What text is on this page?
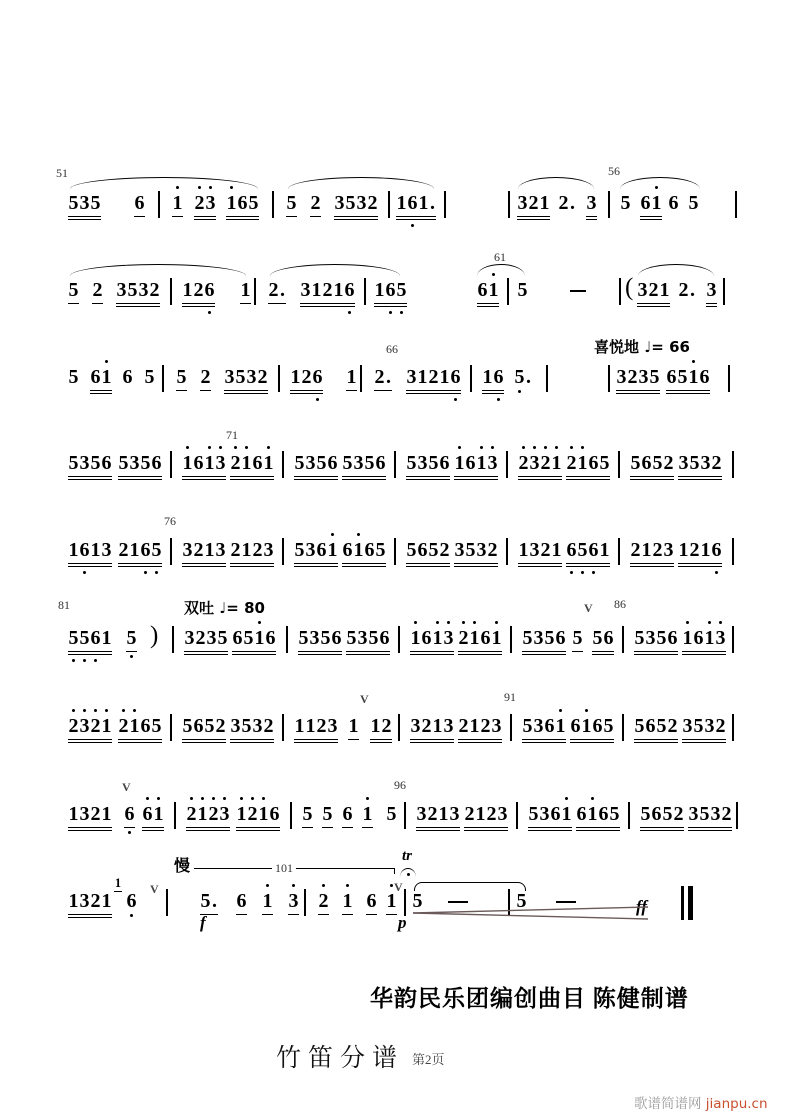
5 3 5 6 1 2 3 1 6 5 5 2 3 5 3 2 1 6 1 .	3 2 1 2 . 3 5 6 1 6 5
5 2 3 5 3 2 1 2 6 1 2 . 3 1 2 1 6 1 6 5	6 1 5	( 3 2 1 2 . 3
5 6 1 6 5 5 2 3 5 3 2 1 2 6 1 2 . 3 1 2 1 6 1 6 5 .	3 2 3 5 6 5 1 6
5 3 5 6 5 3 5 6 1 6 1 3 2 1 6 1 5 3 5 6 5 3 5 6 5 3 5 6 1 6 1 3 2 3 2 1 2 1 6 5 5 6 5 2 3 5 3 2
1 6 1 3 2 1 6 5 3 2 1 3 2 1 2 3 5 3 6 1 6 1 6 5 5 6 5 2 3 5 3 2 1 3 2 1 6 5 6 1 2 1 2 3 1 2 1 6
5 5 6 1 5 ) 3 2 3 5 6 5 1 6 5 3 5 6 5 3 5 6 1 6 1 3 2 1 6 1 5 3 5 6 5 5 6 5 3 5 6 1 6 1 3
2 3 2 1 2 1 6 5 5 6 5 2 3 5 3 2 1 1 2 3 1 1 2 3 2 1 3 2 1 2 3 5 3 6 1 6 1 6 5 5 6 5 2 3 5 3 2
1 3 2 1 6 6 1 2 1 2 3 1 2 1 6 5 5 6 1 5 3 2 1 3 2 1 2 3 5 3 6 1 6 1 6 5 5 6 5 2 3 5 3 2
1 3 2 1
1
6	5 . 6 1 3 2 1 6 1 5	5
51	56
61
66
71
76
81	86
91
96
101
喜悦地 ♩= 66
双吐 ♩= 80	V
V
V
V	V
tr
慢
f	p
ff
华韵民乐团编创曲目 陈健制谱
竹笛分谱 第2页
歌谱简谱网 jianpu.cn
